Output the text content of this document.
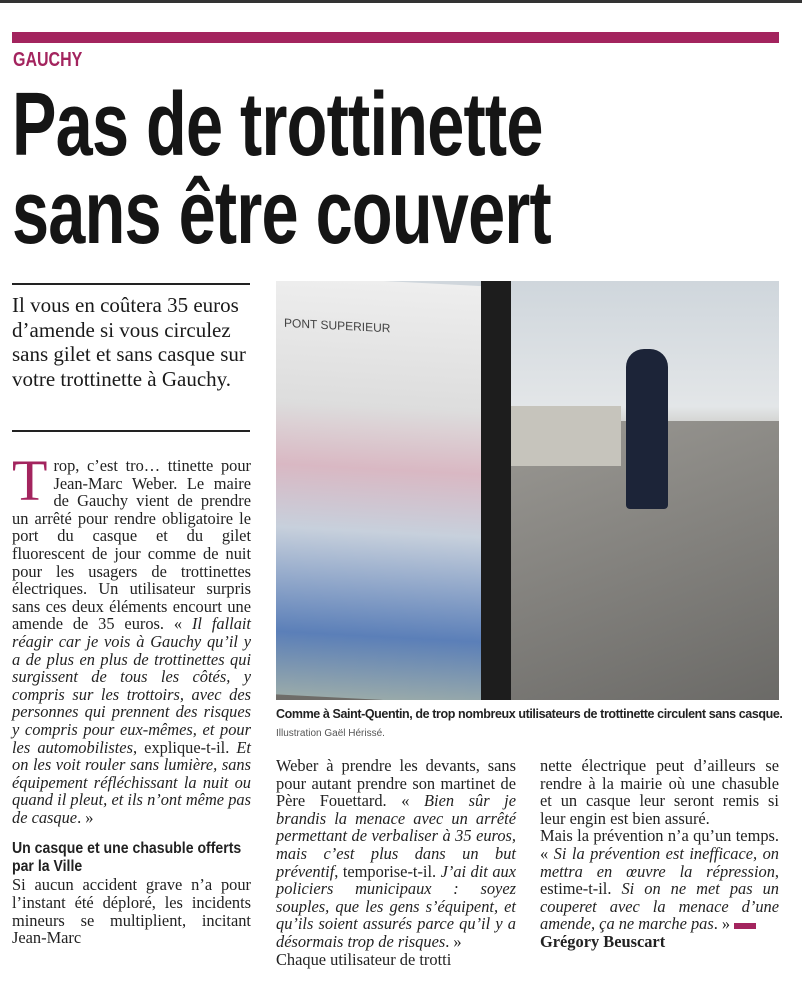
GAUCHY
Pas de trottinette
sans être couvert
Il vous en coûtera 35 euros d’amende si vous circulez sans gilet et sans casque sur votre trottinette à Gauchy.
T rop, c’est tro… ttinette pour Jean-Marc Weber. Le maire de Gauchy vient de prendre un arrêté pour rendre obligatoire le port du casque et du gilet fluorescent de jour comme de nuit pour les usagers de trottinettes électriques. Un utilisateur surpris sans ces deux éléments encourt une amende de 35 euros. « Il fallait réagir car je vois à Gauchy qu’il y a de plus en plus de trottinettes qui surgissent de tous les côtés, y compris sur les trottoirs, avec des personnes qui prennent des risques y compris pour eux-mêmes, et pour les automobilistes, explique-t-il. Et on les voit rouler sans lumière, sans équipement réfléchissant la nuit ou quand il pleut, et ils n’ont même pas de casque. »

Un casque et une chasuble offerts par la Ville

Si aucun accident grave n’a pour l’instant été déploré, les incidents mineurs se multiplient, incitant Jean-Marc

PONT SUPERIEUR
Comme à Saint-Quentin, de trop nombreux utilisateurs de trottinette circulent sans casque. Illustration Gaël Hérissé.

Weber à prendre les devants, sans pour autant prendre son martinet de Père Fouettard. « Bien sûr je brandis la menace avec un arrêté permettant de verbaliser à 35 euros, mais c’est plus dans un but préventif, temporise-t-il. J’ai dit aux policiers municipaux : soyez souples, que les gens s’équipent, et qu’ils soient assurés parce qu’il y a désormais trop de risques. »

Chaque utilisateur de trotti

nette électrique peut d’ailleurs se rendre à la mairie où une chasuble et un casque leur seront remis si leur engin est bien assuré.

Mais la prévention n’a qu’un temps. « Si la prévention est inefficace, on mettra en œuvre la répression, estime-t-il. Si on ne met pas un couperet avec la menace d’une amende, ça ne marche pas. »

Grégory Beuscart
